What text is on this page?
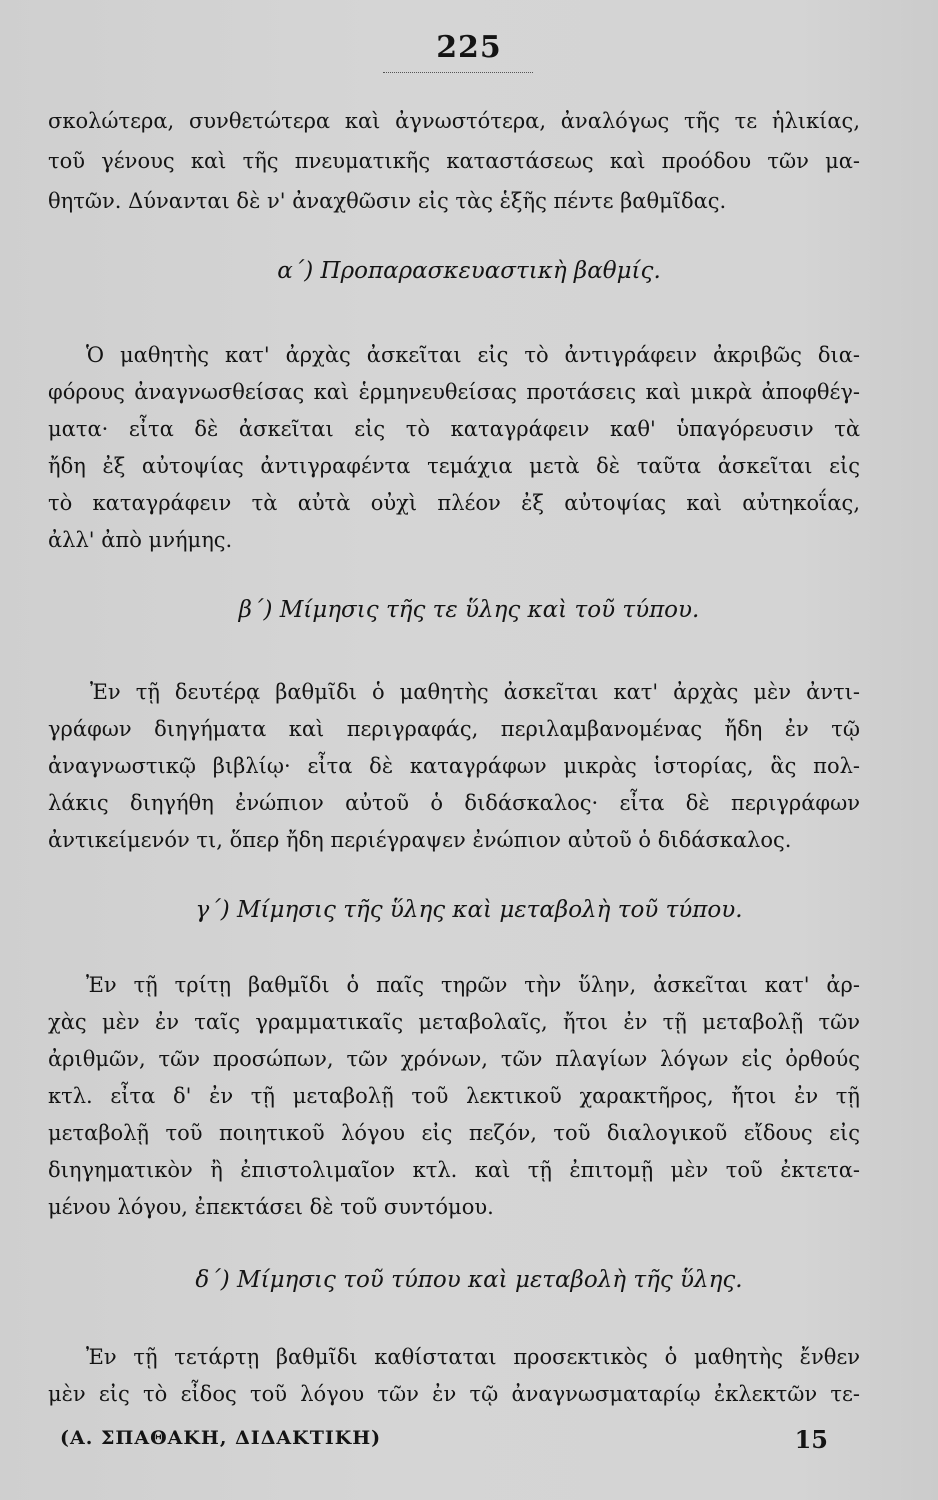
225
σκολώτερα, συνθετώτερα καὶ ἀγνωστότερα, ἀναλόγως τῆς τε ἡλικίας,
τοῦ γένους καὶ τῆς πνευματικῆς καταστάσεως καὶ προόδου τῶν μα-
θητῶν. Δύνανται δὲ ν' ἀναχθῶσιν εἰς τὰς ἑξῆς πέντε βαθμῖδας.
α΄) Προπαρασκευαστικὴ βαθμίς.
Ὁ μαθητὴς κατ' ἀρχὰς ἀσκεῖται εἰς τὸ ἀντιγράφειν ἀκριβῶς δια-
φόρους ἀναγνωσθείσας καὶ ἑρμηνευθείσας προτάσεις καὶ μικρὰ ἀποφθέγ-
ματα· εἶτα δὲ ἀσκεῖται εἰς τὸ καταγράφειν καθ' ὑπαγόρευσιν τὰ
ἤδη ἐξ αὐτοψίας ἀντιγραφέντα τεμάχια μετὰ δὲ ταῦτα ἀσκεῖται εἰς
τὸ καταγράφειν τὰ αὐτὰ οὐχὶ πλέον ἐξ αὐτοψίας καὶ αὐτηκοΐας,
ἀλλ' ἀπὸ μνήμης.
β΄) Μίμησις τῆς τε ὕλης καὶ τοῦ τύπου.
Ἐν τῇ δευτέρᾳ βαθμῖδι ὁ μαθητὴς ἀσκεῖται κατ' ἀρχὰς μὲν ἀντι-
γράφων διηγήματα καὶ περιγραφάς, περιλαμβανομένας ἤδη ἐν τῷ
ἀναγνωστικῷ βιβλίῳ· εἶτα δὲ καταγράφων μικρὰς ἱστορίας, ἃς πολ-
λάκις διηγήθη ἐνώπιον αὐτοῦ ὁ διδάσκαλος· εἶτα δὲ περιγράφων
ἀντικείμενόν τι, ὅπερ ἤδη περιέγραψεν ἐνώπιον αὐτοῦ ὁ διδάσκαλος.
γ΄) Μίμησις τῆς ὕλης καὶ μεταβολὴ τοῦ τύπου.
Ἐν τῇ τρίτῃ βαθμῖδι ὁ παῖς τηρῶν τὴν ὕλην, ἀσκεῖται κατ' ἀρ-
χὰς μὲν ἐν ταῖς γραμματικαῖς μεταβολαῖς, ἤτοι ἐν τῇ μεταβολῇ τῶν
ἀριθμῶν, τῶν προσώπων, τῶν χρόνων, τῶν πλαγίων λόγων εἰς ὀρθούς
κτλ. εἶτα δ' ἐν τῇ μεταβολῇ τοῦ λεκτικοῦ χαρακτῆρος, ἤτοι ἐν τῇ
μεταβολῇ τοῦ ποιητικοῦ λόγου εἰς πεζόν, τοῦ διαλογικοῦ εἴδους εἰς
διηγηματικὸν ἢ ἐπιστολιμαῖον κτλ. καὶ τῇ ἐπιτομῇ μὲν τοῦ ἐκτετα-
μένου λόγου, ἐπεκτάσει δὲ τοῦ συντόμου.
δ΄) Μίμησις τοῦ τύπου καὶ μεταβολὴ τῆς ὕλης.
Ἐν τῇ τετάρτῃ βαθμῖδι καθίσταται προσεκτικὸς ὁ μαθητὴς ἔνθεν
μὲν εἰς τὸ εἶδος τοῦ λόγου τῶν ἐν τῷ ἀναγνωσματαρίῳ ἐκλεκτῶν τε-
(Α. ΣΠΑΘΑΚΗ, ΔΙΔΑΚΤΙΚΗ)	15
